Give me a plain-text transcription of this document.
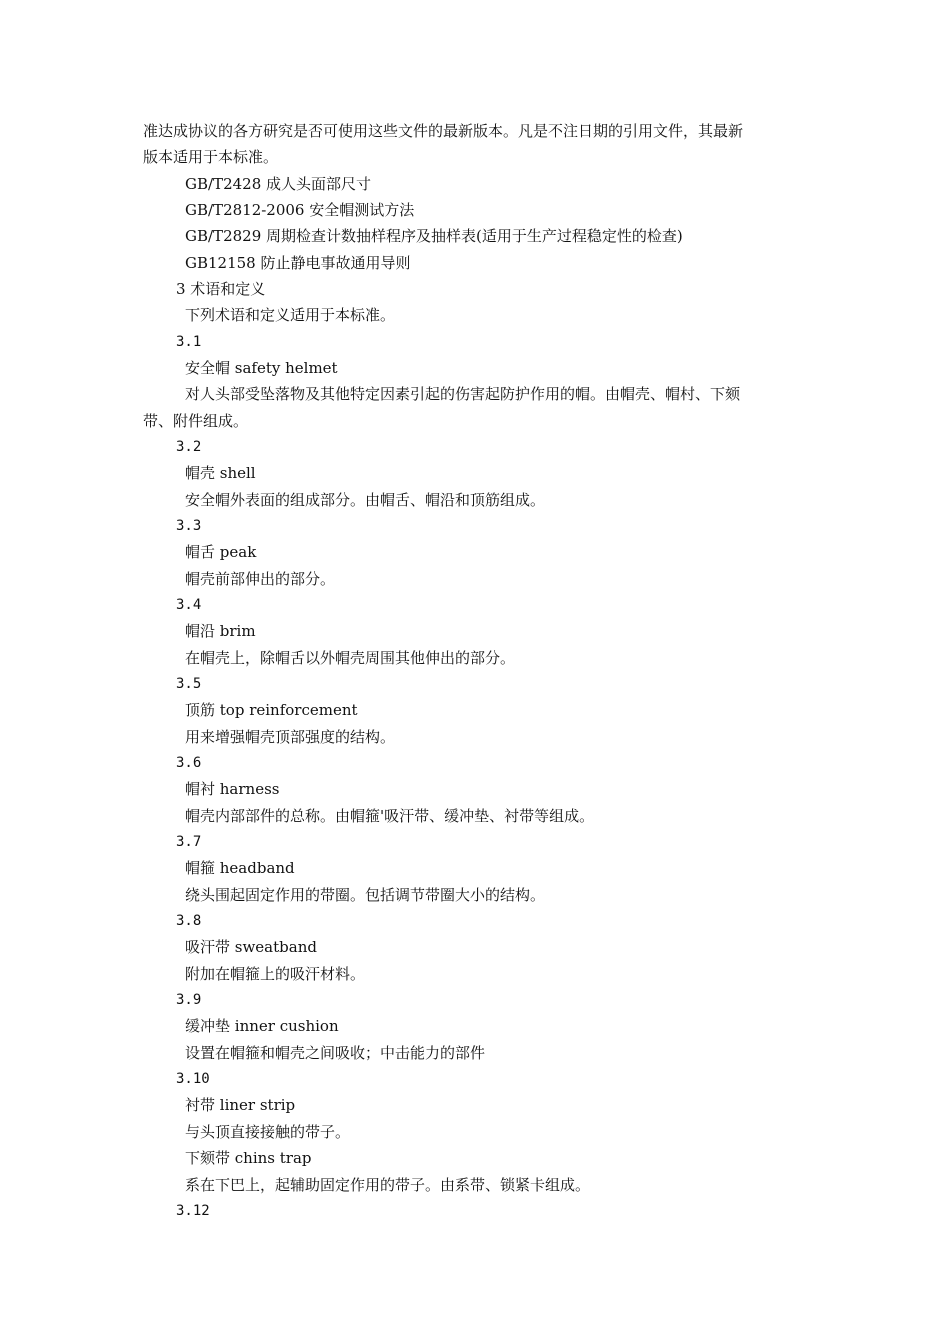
准达成协议的各方研究是否可使用这些文件的最新版本。凡是不注日期的引用文件，其最新
版本适用于本标准。
GB/T2428 成人头面部尺寸
GB/T2812-2006 安全帽测试方法
GB/T2829 周期检查计数抽样程序及抽样表(适用于生产过程稳定性的检查)
GB12158 防止静电事故通用导则
3 术语和定义
下列术语和定义适用于本标准。
3.1
安全帽 safety helmet
对人头部受坠落物及其他特定因素引起的伤害起防护作用的帽。由帽壳、帽村、下颏
带、附件组成。
3.2
帽壳 shell
安全帽外表面的组成部分。由帽舌、帽沿和顶筋组成。
3.3
帽舌 peak
帽壳前部伸出的部分。
3.4
帽沿 brim
在帽壳上，除帽舌以外帽壳周围其他伸出的部分。
3.5
顶筋 top reinforcement
用来增强帽壳顶部强度的结构。
3.6
帽衬 harness
帽壳内部部件的总称。由帽箍'吸汗带、缓冲垫、衬带等组成。
3.7
帽箍 headband
绕头围起固定作用的带圈。包括调节带圈大小的结构。
3.8
吸汗带 sweatband
附加在帽箍上的吸汗材料。
3.9
缓冲垫 inner cushion
设置在帽箍和帽壳之间吸收；中击能力的部件
3.10
衬带 liner strip
与头顶直接接触的带子。
下颏带 chins trap
系在下巴上，起辅助固定作用的带子。由系带、锁紧卡组成。
3.12
